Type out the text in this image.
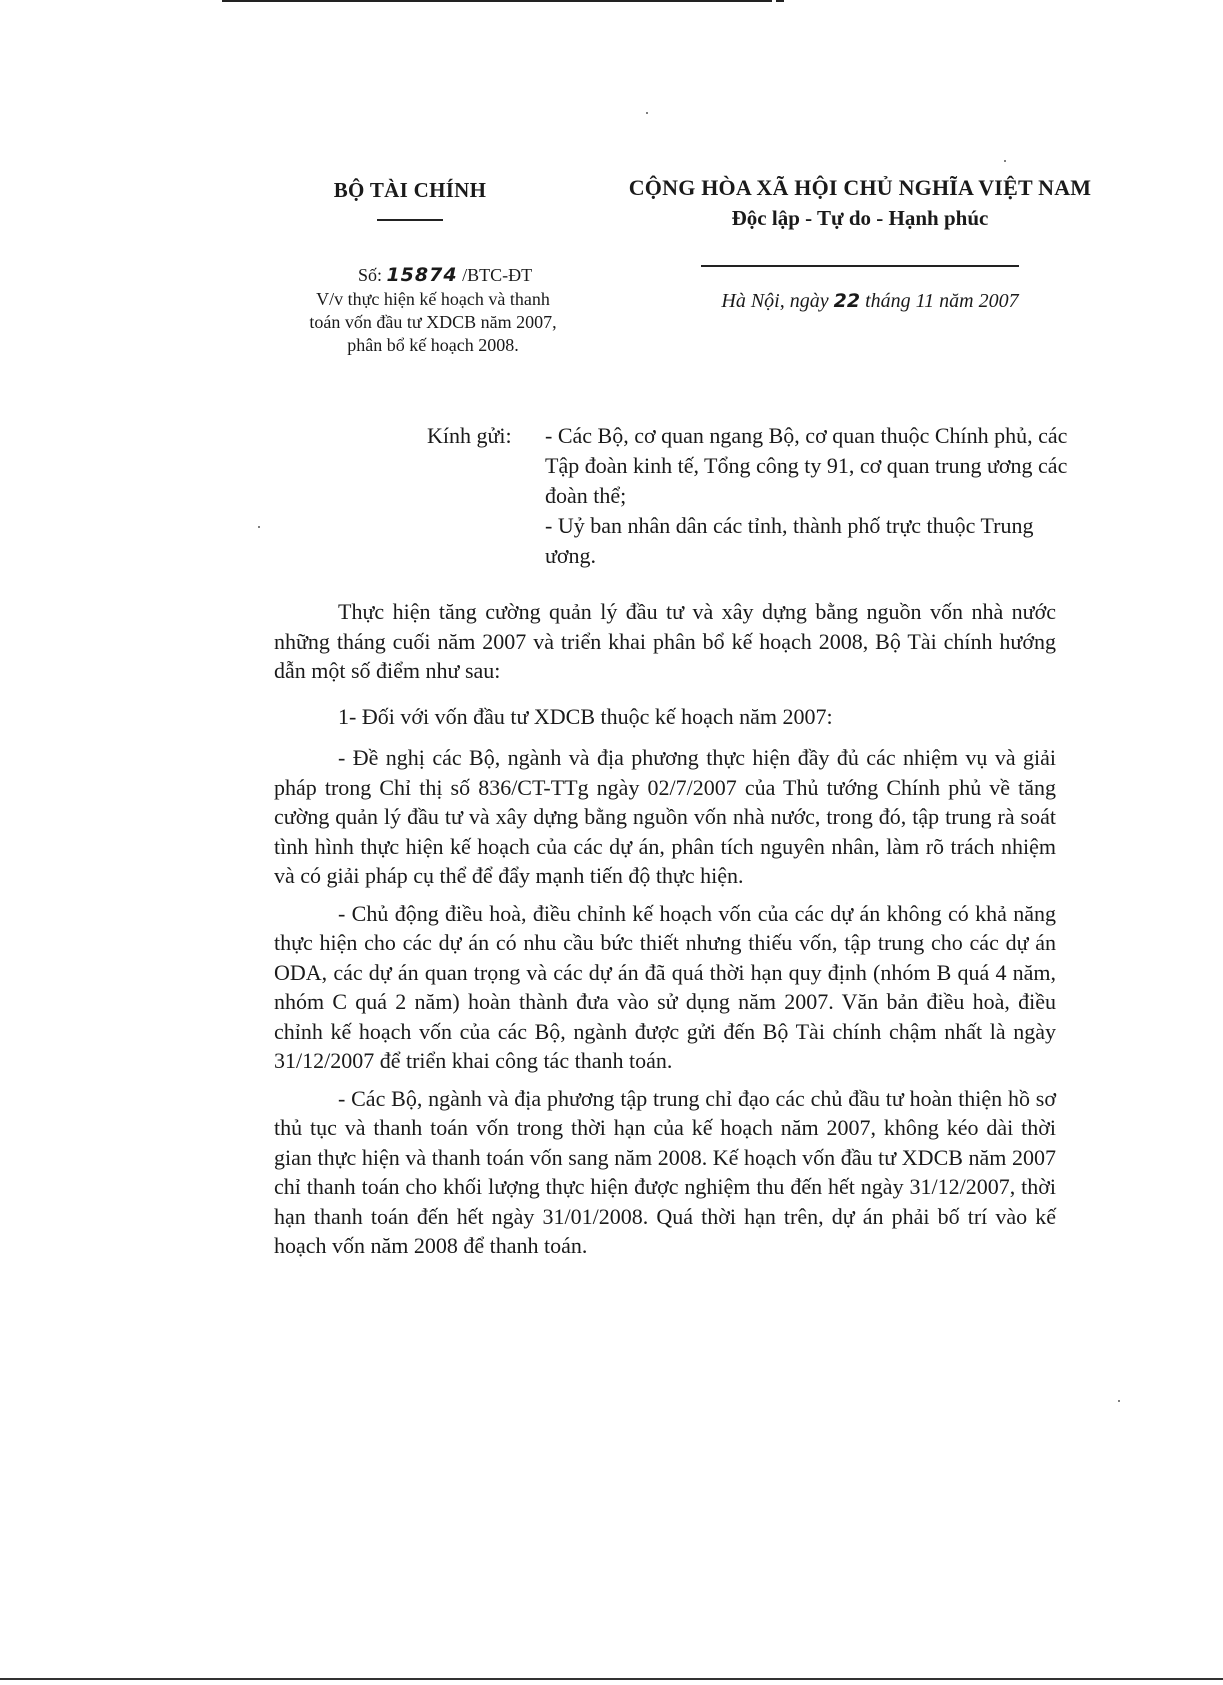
BỘ TÀI CHÍNH	CỘNG HÒA XÃ HỘI CHỦ NGHĨA VIỆT NAM
Độc lập - Tự do - Hạnh phúc
Số: 15874 /BTC-ĐT
V/v thực hiện kế hoạch và thanh
toán vốn đầu tư XDCB năm 2007,
phân bổ kế hoạch 2008.
Hà Nội, ngày 22 tháng 11 năm 2007
Kính gửi: - Các Bộ, cơ quan ngang Bộ, cơ quan thuộc Chính phủ, các Tập đoàn kinh tế, Tổng công ty 91, cơ quan trung ương các đoàn thể;

- Uỷ ban nhân dân các tỉnh, thành phố trực thuộc Trung ương.

Thực hiện tăng cường quản lý đầu tư và xây dựng bằng nguồn vốn nhà nước những tháng cuối năm 2007 và triển khai phân bổ kế hoạch 2008, Bộ Tài chính hướng dẫn một số điểm như sau:

1- Đối với vốn đầu tư XDCB thuộc kế hoạch năm 2007:

- Đề nghị các Bộ, ngành và địa phương thực hiện đầy đủ các nhiệm vụ và giải pháp trong Chỉ thị số 836/CT-TTg ngày 02/7/2007 của Thủ tướng Chính phủ về tăng cường quản lý đầu tư và xây dựng bằng nguồn vốn nhà nước, trong đó, tập trung rà soát tình hình thực hiện kế hoạch của các dự án, phân tích nguyên nhân, làm rõ trách nhiệm và có giải pháp cụ thể để đẩy mạnh tiến độ thực hiện.

- Chủ động điều hoà, điều chỉnh kế hoạch vốn của các dự án không có khả năng thực hiện cho các dự án có nhu cầu bức thiết nhưng thiếu vốn, tập trung cho các dự án ODA, các dự án quan trọng và các dự án đã quá thời hạn quy định (nhóm B quá 4 năm, nhóm C quá 2 năm) hoàn thành đưa vào sử dụng năm 2007. Văn bản điều hoà, điều chỉnh kế hoạch vốn của các Bộ, ngành được gửi đến Bộ Tài chính chậm nhất là ngày 31/12/2007 để triển khai công tác thanh toán.

- Các Bộ, ngành và địa phương tập trung chỉ đạo các chủ đầu tư hoàn thiện hồ sơ thủ tục và thanh toán vốn trong thời hạn của kế hoạch năm 2007, không kéo dài thời gian thực hiện và thanh toán vốn sang năm 2008. Kế hoạch vốn đầu tư XDCB năm 2007 chỉ thanh toán cho khối lượng thực hiện được nghiệm thu đến hết ngày 31/12/2007, thời hạn thanh toán đến hết ngày 31/01/2008. Quá thời hạn trên, dự án phải bố trí vào kế hoạch vốn năm 2008 để thanh toán.
